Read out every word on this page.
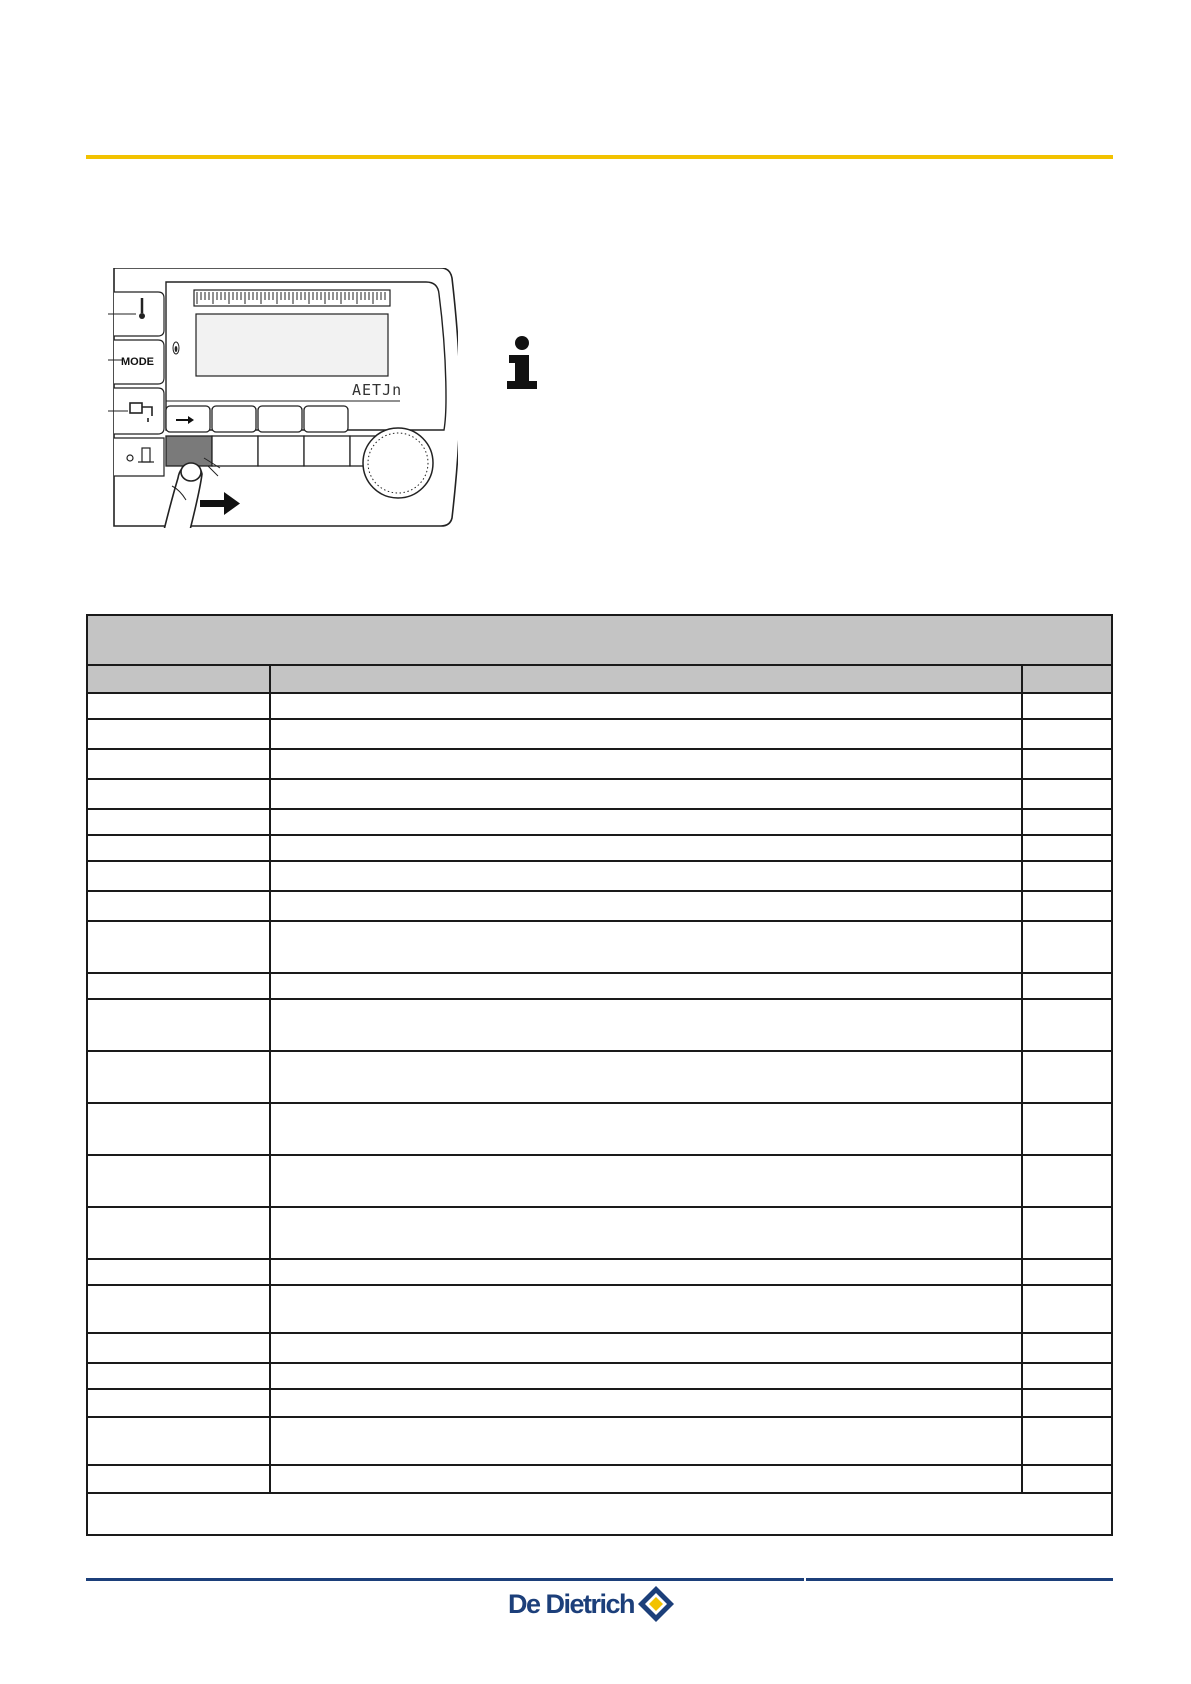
MODE
AETJn
De Dietrich
